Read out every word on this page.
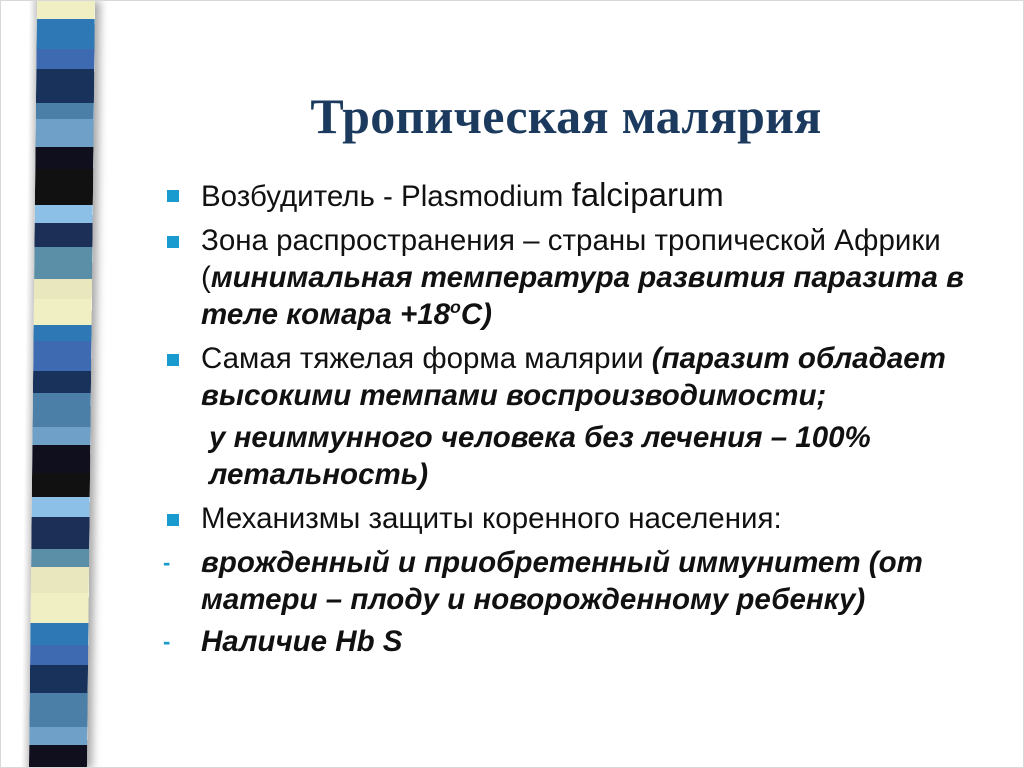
Тропическая малярия
Возбудитель - Plasmodium falciparum
Зона распространения – страны тропической Африки (минимальная температура развития паразита в теле комара $+18^оС$)
Самая тяжелая форма малярии (паразит обладает высокими темпами воспроизводимости;
у неиммунного человека без лечения – 100% летальность)
Механизмы защиты коренного населения:
- врожденный и приобретенный иммунитет (от матери – плоду и новорожденному ребенку)
- Наличие Hb S
